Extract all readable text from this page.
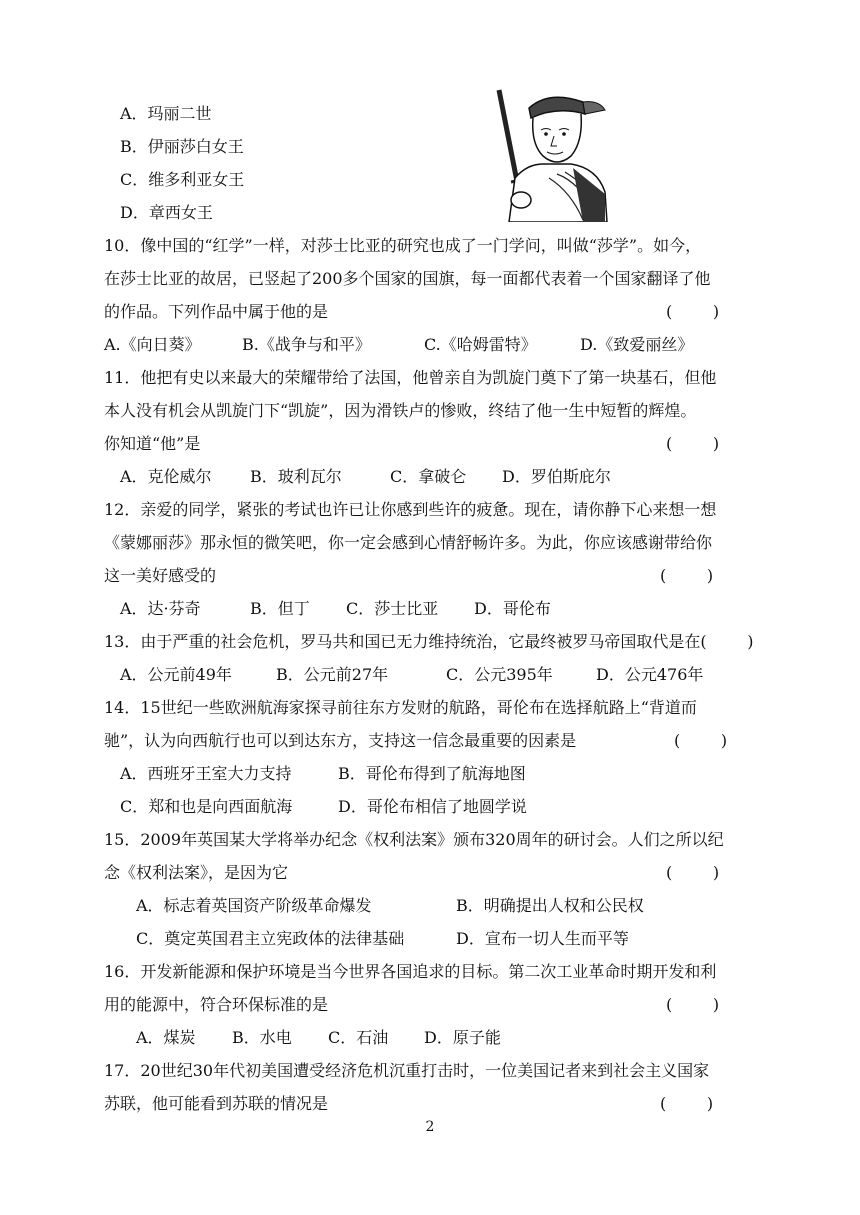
A．玛丽二世
B．伊丽莎白女王
C．维多利亚女王
D．章西女王
10．像中国的“红学”一样，对莎士比亚的研究也成了一门学问，叫做“莎学”。如今，
在莎士比亚的故居，已竖起了200多个国家的国旗，每一面都代表着一个国家翻译了他
的作品。下列作品中属于他的是	(        )
A.《向日葵》	B.《战争与和平》	C.《哈姆雷特》	D.《致爱丽丝》
11．他把有史以来最大的荣耀带给了法国，他曾亲自为凯旋门奠下了第一块基石，但他
本人没有机会从凯旋门下“凯旋”，因为滑铁卢的惨败，终结了他一生中短暂的辉煌。
你知道“他”是	(        )
A．克伦威尔 B．玻利瓦尔	C．拿破仑 D．罗伯斯庇尔
12．亲爱的同学，紧张的考试也许已让你感到些许的疲惫。现在，请你静下心来想一想
《蒙娜丽莎》那永恒的微笑吧，你一定会感到心情舒畅许多。为此，你应该感谢带给你
这一美好感受的	(        )
A．达·芬奇	B．但丁 C．莎士比亚 D．哥伦布
13．由于严重的社会危机，罗马共和国已无力维持统治，它最终被罗马帝国取代是在(        )
A．公元前49年	B．公元前27年	C．公元395年	D．公元476年
14．15世纪一些欧洲航海家探寻前往东方发财的航路，哥伦布在选择航路上“背道而
驰”，认为向西航行也可以到达东方，支持这一信念最重要的因素是	(        )
A．西班牙王室大力支持	B．哥伦布得到了航海地图
C．郑和也是向西面航海	D．哥伦布相信了地圆学说
15．2009年英国某大学将举办纪念《权利法案》颁布320周年的研讨会。人们之所以纪
念《权利法案》，是因为它	(        )
A．标志着英国资产阶级革命爆发	B．明确提出人权和公民权
C．奠定英国君主立宪政体的法律基础	D．宣布一切人生而平等
16．开发新能源和保护环境是当今世界各国追求的目标。第二次工业革命时期开发和利
用的能源中，符合环保标准的是	(        )
A．煤炭 B．水电 C．石油 D．原子能
17．20世纪30年代初美国遭受经济危机沉重打击时，一位美国记者来到社会主义国家
苏联，他可能看到苏联的情况是	(        )
2
